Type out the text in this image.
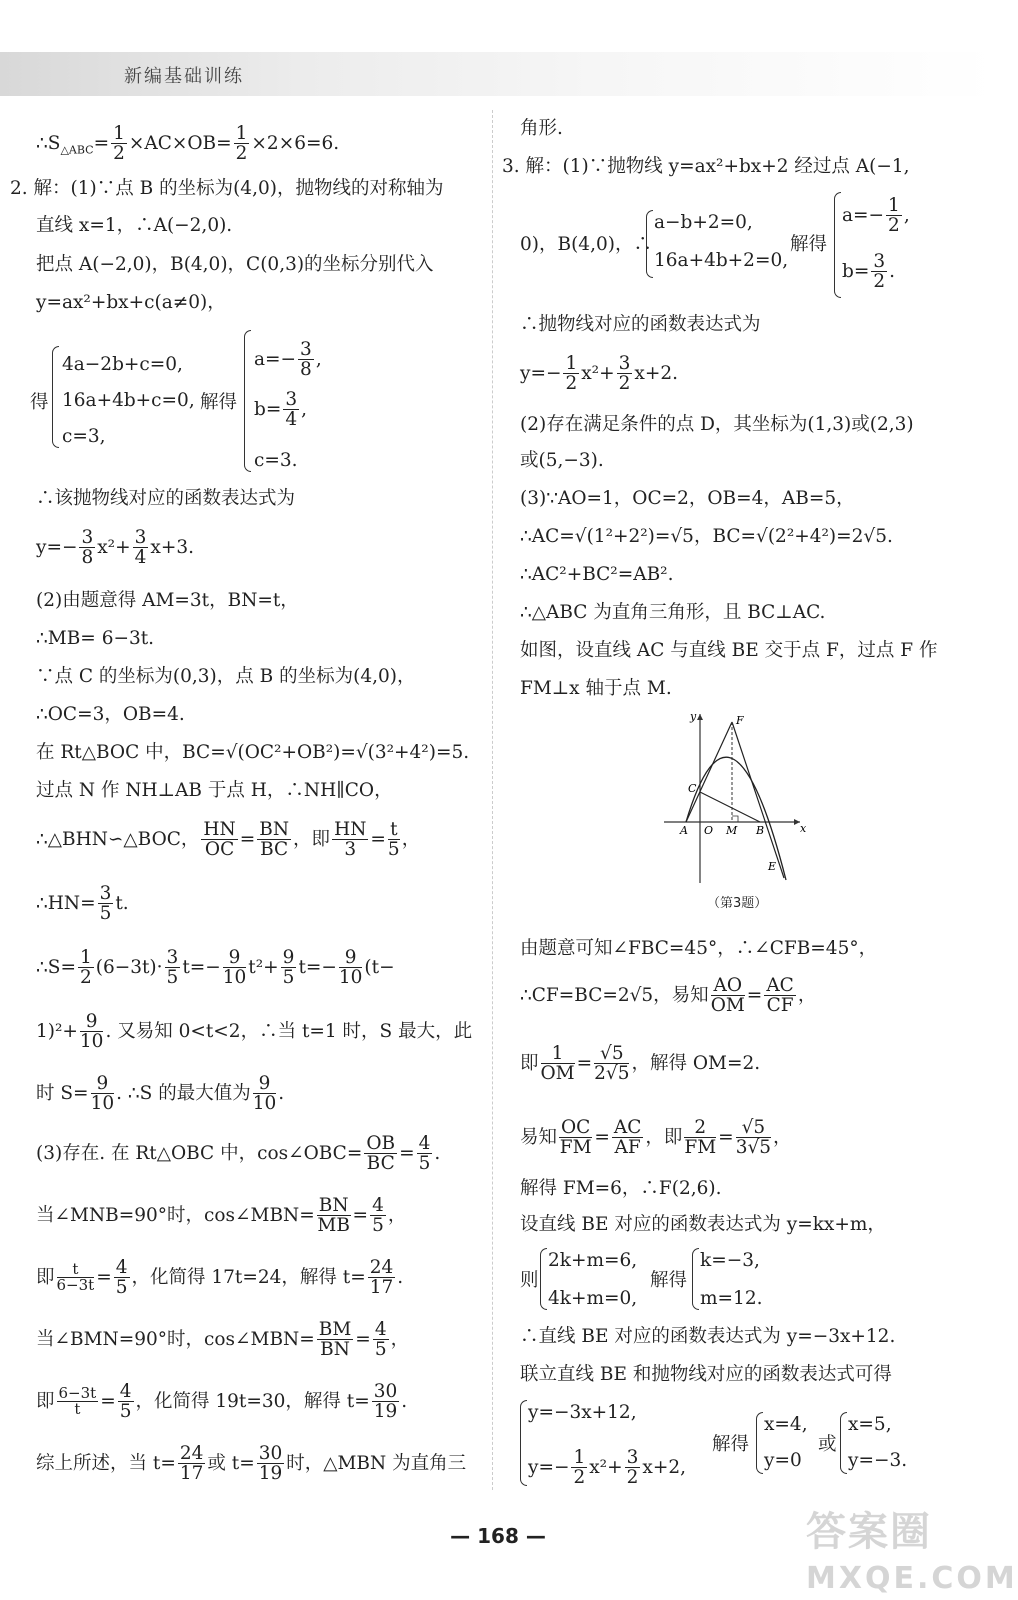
新编基础训练
$\therefore S_{\triangle ABC}= \frac{1}{2} \times AC\times OB= \frac{1}{2} \times 2\times 6=6$.
2. 解：(1)∵点 B 的坐标为(4,0)，抛物线的对称轴为
直线 x=1，∴A(−2,0).
把点 A(−2,0)，B(4,0)，C(0,3)的坐标分别代入
y=ax²+bx+c(a≠0)，
得
4a−2b+c=0,
16a+4b+c=0,
c=3,
解得
$a=- \frac{3}{8}$ ,
$b= \frac{3}{4}$ ,
c=3.
∴该抛物线对应的函数表达式为
$y=- \frac{3}{8} x^2+ \frac{3}{4} x+3$.
(2)由题意得 AM=3t，BN=t，
∴MB= 6−3t.
∵点 C 的坐标为(0,3)，点 B 的坐标为(4,0)，
∴OC=3，OB=4.
在 Rt△BOC 中，BC=√(OC²+OB²)=√(3²+4²)=5.
过点 N 作 NH⊥AB 于点 H，∴NH∥CO，
∴△BHN∽△BOC， $\frac{HN}{OC} = \frac{BN}{BC}$ ，即 $\frac{HN}{3} = \frac{t}{5}$ ，
∴HN= $\frac{3}{5} t$.
∴S= $\frac{1}{2} (6-3t)\cdot \frac{3}{5} t=- \frac{9}{10} t^2+ \frac{9}{5} t=- \frac{9}{10} (t-$
$1)^2+ \frac{9}{10}$ . 又易知 0<t<2，∴当 t=1 时，S 最大，此
时 $S= \frac{9}{10}$ . ∴S 的最大值为 $\frac{9}{10}$ .
(3)存在. 在 Rt△OBC 中，cos∠OBC= $\frac{OB}{BC} = \frac{4}{5}$ .
当∠MNB=90°时，cos∠MBN= $\frac{BN}{MB} = \frac{4}{5}$ ，
即 $\frac{t}{6-3t} = \frac{4}{5}$ ，化简得 17t=24，解得 $t= \frac{24}{17}$ .
当∠BMN=90°时，cos∠MBN= $\frac{BM}{BN} = \frac{4}{5}$ ，
即 $\frac{6-3t}{t} = \frac{4}{5}$ ，化简得 19t=30，解得 $t= \frac{30}{19}$ .
综上所述，当 $t= \frac{24}{17}$ 或 $t= \frac{30}{19}$ 时，△MBN 为直角三
角形.
3. 解：(1)∵抛物线 y=ax²+bx+2 经过点 A(−1,
0)，B(4,0)，∴
a−b+2=0,
16a+4b+2=0,
解得
$a=- \frac{1}{2}$ ,
$b= \frac{3}{2}$ .
∴抛物线对应的函数表达式为
$y=- \frac{1}{2} x^2+ \frac{3}{2} x+2$.
(2)存在满足条件的点 D，其坐标为(1,3)或(2,3)
或(5,−3).
(3)∵AO=1，OC=2，OB=4，AB=5，
∴AC=√(1²+2²)=√5，BC=√(2²+4²)=2√5.
∴AC²+BC²=AB².
∴△ABC 为直角三角形，且 BC⊥AC.
如图，设直线 AC 与直线 BE 交于点 F，过点 F 作
FM⊥x 轴于点 M.
y
x
A O M B
C
F
E
（第3题）
由题意可知∠FBC=45°，∴∠CFB=45°，
∴CF=BC=2√5，易知 $\frac{AO}{OM} = \frac{AC}{CF}$ ，
即 $\frac{1}{OM} = \frac{√5}{2√5}$ ，解得 OM=2.
易知 $\frac{OC}{FM} = \frac{AC}{AF}$ ，即 $\frac{2}{FM} = \frac{√5}{3√5}$ ，
解得 FM=6，∴F(2,6).
设直线 BE 对应的函数表达式为 y=kx+m，
则
2k+m=6,
4k+m=0,
解得
k=−3,
m=12.
∴直线 BE 对应的函数表达式为 y=−3x+12.
联立直线 BE 和抛物线对应的函数表达式可得
y=−3x+12,
$y=- \frac{1}{2} x^2+ \frac{3}{2} x+2$,
解得
x=4,
y=0
或
x=5,
y=−3.
— 168 —	答案圈
MXQE.COM
